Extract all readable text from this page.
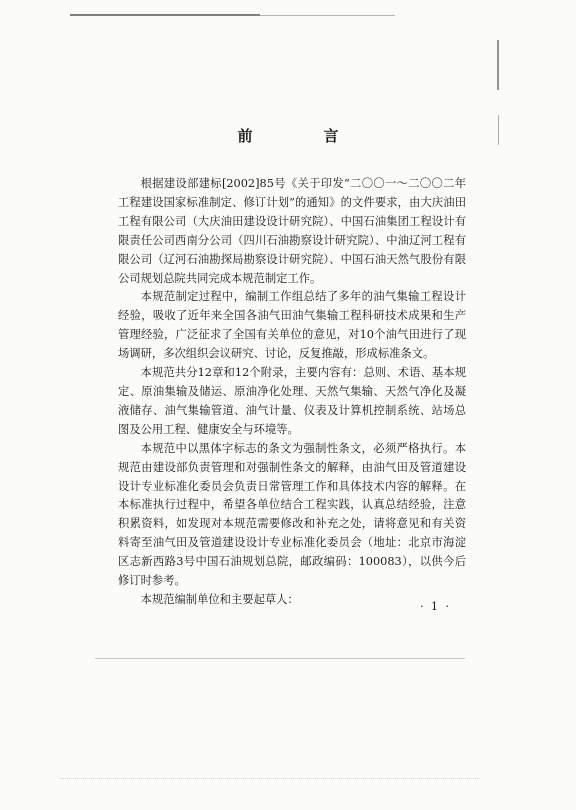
前　言

根据建设部建标[2002]85号《关于印发“二〇〇一～二〇〇二年工程建设国家标准制定、修订计划”的通知》的文件要求，由大庆油田工程有限公司（大庆油田建设设计研究院）、中国石油集团工程设计有限责任公司西南分公司（四川石油勘察设计研究院）、中油辽河工程有限公司（辽河石油勘探局勘察设计研究院）、中国石油天然气股份有限公司规划总院共同完成本规范制定工作。

本规范制定过程中，编制工作组总结了多年的油气集输工程设计经验，吸收了近年来全国各油气田油气集输工程科研技术成果和生产管理经验，广泛征求了全国有关单位的意见，对10个油气田进行了现场调研，多次组织会议研究、讨论，反复推敲，形成标准条文。

本规范共分12章和12个附录，主要内容有：总则、术语、基本规定、原油集输及储运、原油净化处理、天然气集输、天然气净化及凝液储存、油气集输管道、油气计量、仪表及计算机控制系统、站场总图及公用工程、健康安全与环境等。

本规范中以黑体字标志的条文为强制性条文，必须严格执行。本规范由建设部负责管理和对强制性条文的解释，由油气田及管道建设设计专业标准化委员会负责日常管理工作和具体技术内容的解释。在本标准执行过程中，希望各单位结合工程实践，认真总结经验，注意积累资料，如发现对本规范需要修改和补充之处，请将意见和有关资料寄至油气田及管道建设设计专业标准化委员会（地址：北京市海淀区志新西路3号中国石油规划总院，邮政编码：100083），以供今后修订时参考。

本规范编制单位和主要起草人：

· 1 ·
